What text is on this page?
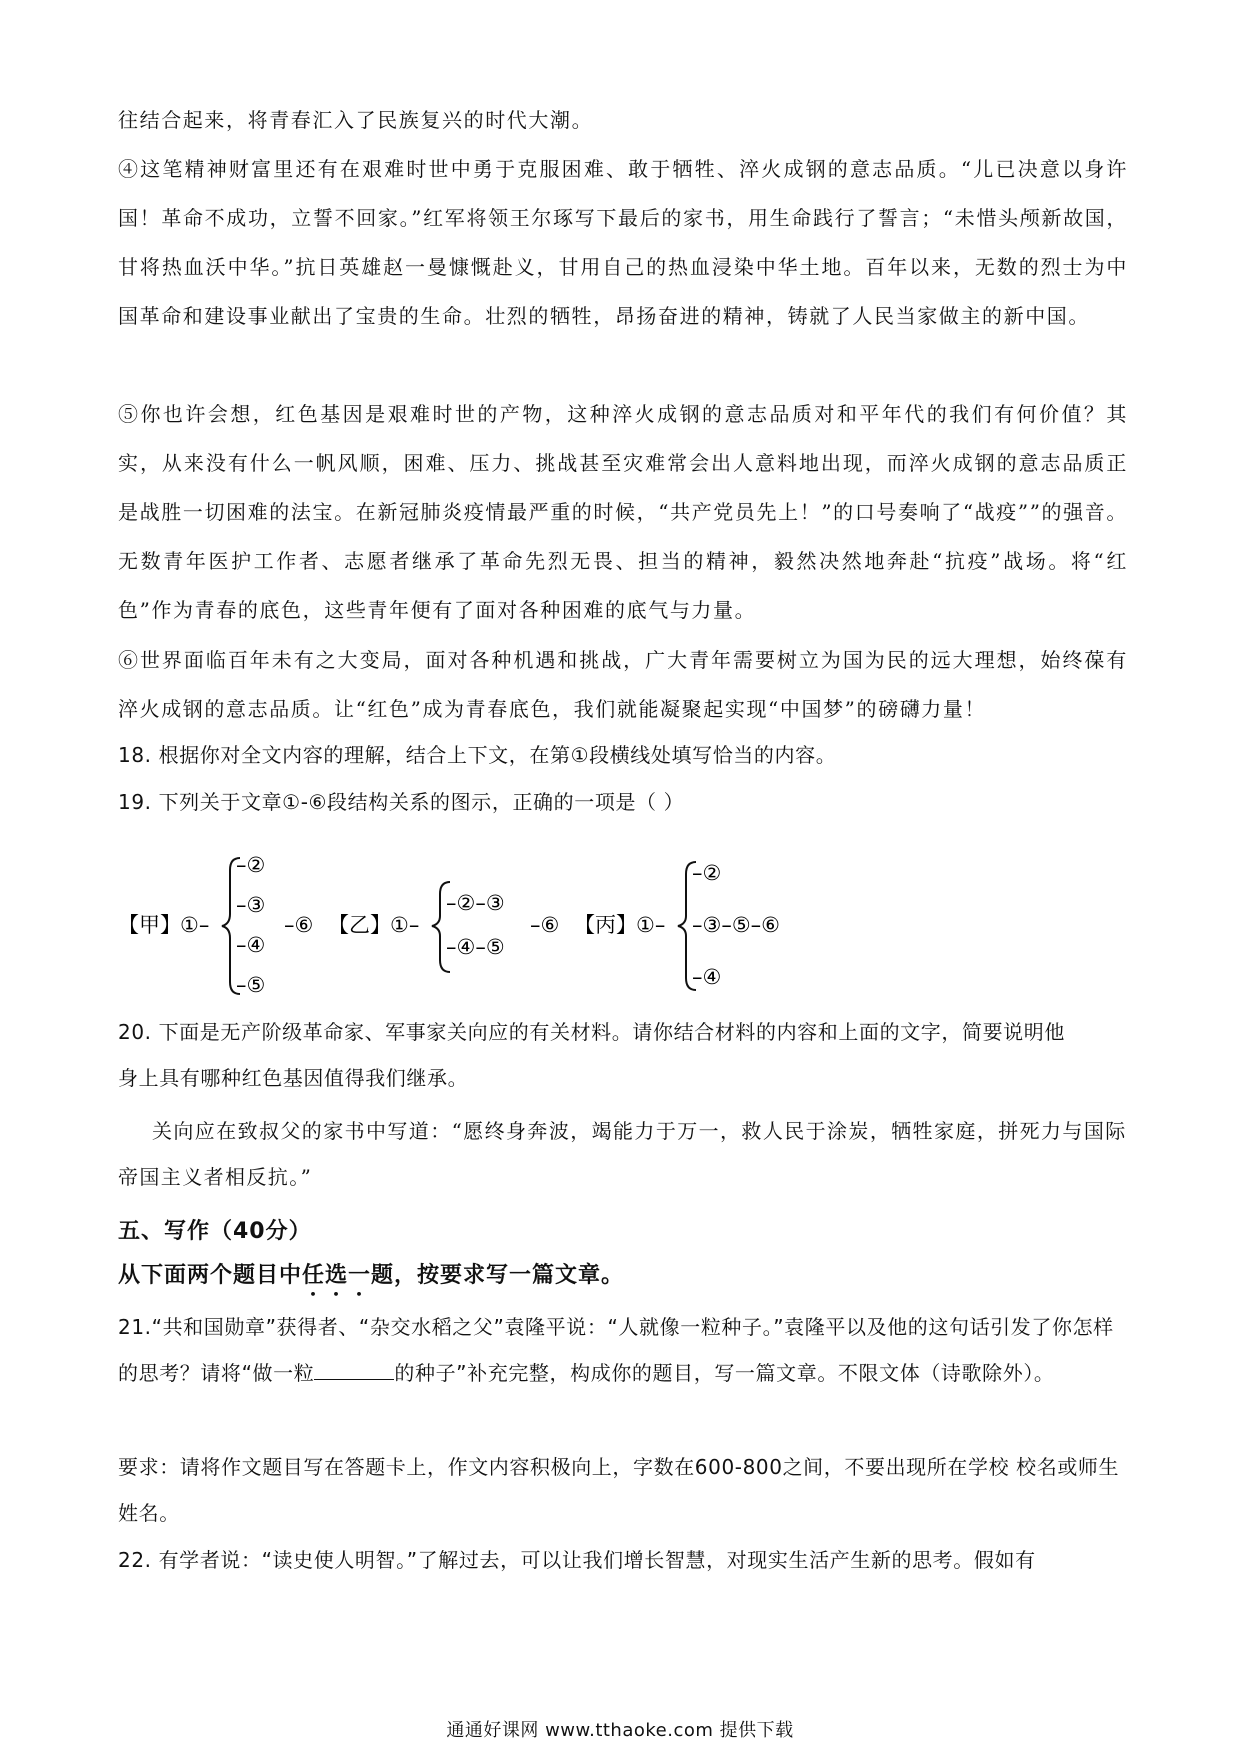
往结合起来，将青春汇入了民族复兴的时代大潮。

④这笔精神财富里还有在艰难时世中勇于克服困难、敢于牺牲、淬火成钢的意志品质。“儿已决意以身许国！革命不成功，立誓不回家。”红军将领王尔琢写下最后的家书，用生命践行了誓言；“未惜头颅新故国，甘将热血沃中华。”抗日英雄赵一曼慷慨赴义，甘用自己的热血浸染中华土地。百年以来，无数的烈士为中国革命和建设事业献出了宝贵的生命。壮烈的牺牲，昂扬奋进的精神，铸就了人民当家做主的新中国。

⑤你也许会想，红色基因是艰难时世的产物，这种淬火成钢的意志品质对和平年代的我们有何价值？其实，从来没有什么一帆风顺，困难、压力、挑战甚至灾难常会出人意料地出现，而淬火成钢的意志品质正是战胜一切困难的法宝。在新冠肺炎疫情最严重的时候，“共产党员先上！”的口号奏响了“战疫””的强音。无数青年医护工作者、志愿者继承了革命先烈无畏、担当的精神，毅然决然地奔赴“抗疫”战场。将“红色”作为青春的底色，这些青年便有了面对各种困难的底气与力量。

⑥世界面临百年未有之大变局，面对各种机遇和挑战，广大青年需要树立为国为民的远大理想，始终葆有淬火成钢的意志品质。让“红色”成为青春底色，我们就能凝聚起实现“中国梦”的磅礴力量！

18. 根据你对全文内容的理解，结合上下文，在第①段横线处填写恰当的内容。
19. 下列关于文章①-⑥段结构关系的图示，正确的一项是（ ）
【甲】 ①–
–②
–③
–④
–⑤
–⑥ 【乙】 ①–
–②–③
–④–⑤
–⑥ 【丙】 ①–
–②
–③–⑤–⑥
–④
20. 下面是无产阶级革命家、军事家关向应的有关材料。请你结合材料的内容和上面的文字，简要说明他
身上具有哪种红色基因值得我们继承。
关向应在致叔父的家书中写道：“愿终身奔波，竭能力于万一，救人民于涂炭，牺牲家庭，拼死力与国际帝国主义者相反抗。”
五、写作（40分）
从下面两个题目中任选一题，按要求写一篇文章。
21.“共和国勋章”获得者、“杂交水稻之父”袁隆平说：“人就像一粒种子。”袁隆平以及他的这句话引发了你怎样的思考？请将“做一粒	的种子”补充完整，构成你的题目，写一篇文章。不限文体（诗歌除外）。
要求：请将作文题目写在答题卡上，作文内容积极向上，字数在600-800之间，不要出现所在学校 校名或师生姓名。
22. 有学者说：“读史使人明智。”了解过去，可以让我们增长智慧，对现实生活产生新的思考。假如有
通通好课网 www.tthaoke.com 提供下载
